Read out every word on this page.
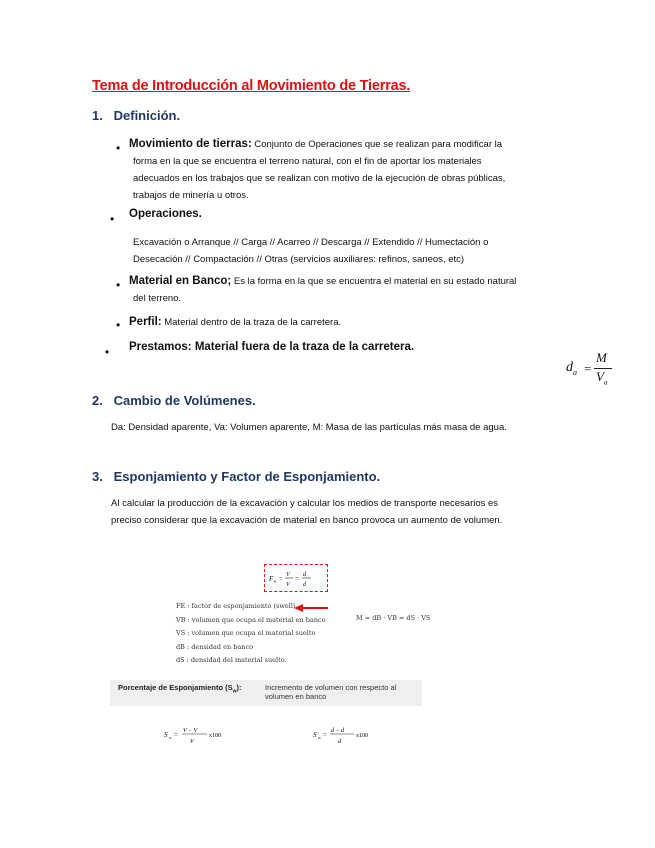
Tema de Introducción al Movimiento de Tierras.
1. Definición.
• Movimiento de tierras: Conjunto de Operaciones que se realizan para modificar la
forma en la que se encuentra el terreno natural, con el fin de aportar los materiales
adecuados en los trabajos que se realizan con motivo de la ejecución de obras públicas,
trabajos de minería u otros.
• Operaciones.
Excavación o Arranque // Carga // Acarreo // Descarga // Extendido // Humectación o
Desecación // Compactación // Otras (servicios auxiliares: refinos, saneos, etc)
• Material en Banco; Es la forma en la que se encuentra el material en su estado natural
del terreno.
• Perfil: Material dentro de la traza de la carretera.
• Prestamos: Material fuera de la traza de la carretera.
$d_a$ =
M
$V_a$
2. Cambio de Volúmenes.
Da: Densidad aparente, Va: Volumen aparente, M: Masa de las partículas más masa de agua.
3. Esponjamiento y Factor de Esponjamiento.
Al calcular la producción de la excavación y calcular los medios de transporte necesarios es
preciso considerar que la excavación de material en banco provoca un aumento de volumen.
F E = V
V
= d
d
FE : factor de esponjamiento (swell)
VB : volumen que ocupa el material en banco
VS : volumen que ocupa el material suelto
dB : densidad en banco
dS : densidad del material suelto.
M = dB · VB = dS · VS
Porcentaje de Esponjamiento $(S_w)$:	Incremento de volumen con respecto al
volumen en banco
S w = V − V
V
x100	S w = d − d
d
x100
